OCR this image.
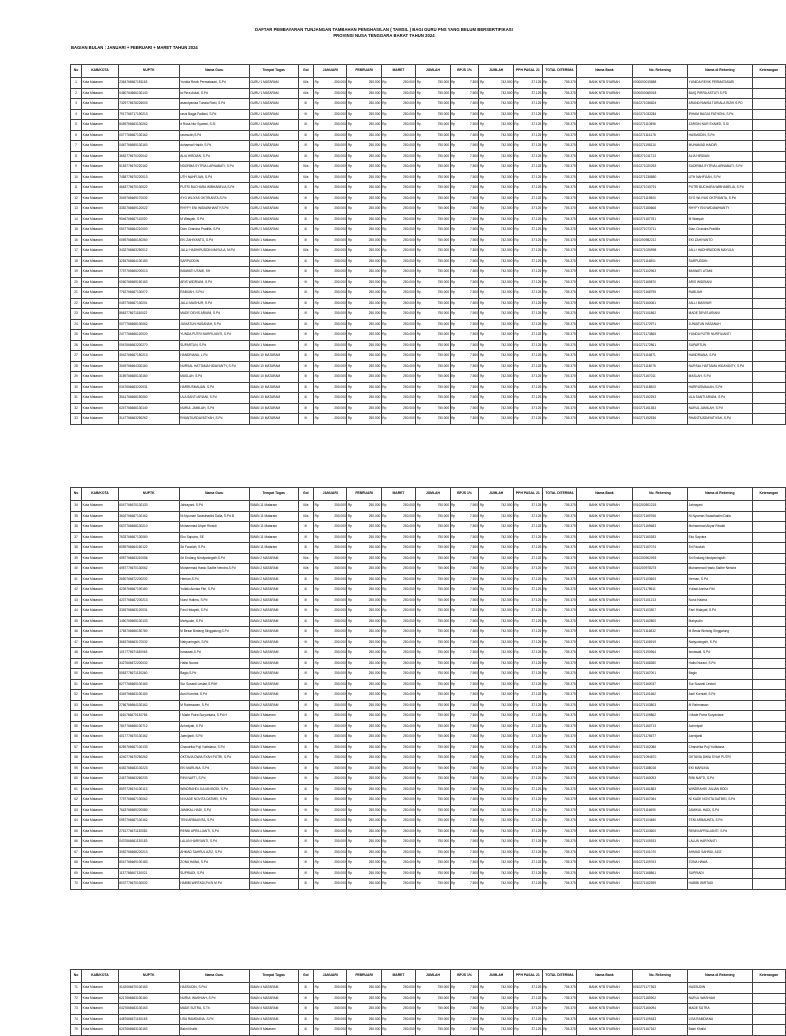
DAFTAR PEMBAYARAN TUNJANGAN TAMBAHAN PENGHASILAN ( TAMSIL ) BAGI GURU PNS YANG BELUM BERSERTIFIKASI
PROVINSI NUSA TENGGARA BARAT TAHUN 2024
BAGIAN BULAN : JANUARI + FEBRUARI + MARET TAHUN 2024
No	KAB/KOTA	NUPTK	Nama Guru	Tempat Tugas	Gol	JANUARI		FEBRUARI		MARET		JUMLAH		BPJS 1%		JUMLAH		PPH PASAL 21		TOTAL DITERIMA		Nama Bank	No. Rekening	Nama di Rekening	Keterangan
1	Kota Mataram	2364766667181163	Yunida Revik Permatasari, S.Pd	GURU 1 MATARAM	III/a	Rp	250.000	Rp	250.000	Rp	250.000	Rp	750.000	Rp	7.500	Rp	742.500	Rp	37.125	Rp	705.375	BANK NTB SYARIAH	0000000019888	YUNIDA REVIK PERMATASARI	
2	Kota Mataram	0460764666130143	la Pirra Astuti, S.Pd	GURU 1 MATARAM	III/a	Rp	250.000	Rp	250.000	Rp	250.000	Rp	750.000	Rp	7.500	Rp	742.500	Rp	37.125	Rp	705.375	BANK NTB SYARIAH	0000000069018	BAIQ PIRRA ASTUTI S.PD	
3	Kota Mataram	7329776678226003	asandyanisa Turiala Rizki, S.Pd	GURU 1 MATARAM	III	Rp	250.000	Rp	250.000	Rp	250.000	Rp	750.000	Rp	7.500	Rp	742.500	Rp	37.125	Rp	705.375	BANK NTB SYARIAH	0010271036824	ARANDYANISA TURIALA RIZKI S.PD	
4	Kota Mataram	7917766717190213	rasni Bagja Fadlani, S.Pd	GURU 1 MATARAM	III	Rp	250.000	Rp	250.000	Rp	250.000	Rp	750.000	Rp	7.500	Rp	742.500	Rp	37.125	Rp	705.375	BANK NTB SYARIAH	0010271033284	IRHAM BAGJA FATHONI, S.Pd	
5	Kota Mataram	8459766663130262	d Rosa Nur Syamsi, S.Si	GURU 1 MATARAM	III	Rp	250.000	Rp	250.000	Rp	250.000	Rp	750.000	Rp	7.500	Rp	742.500	Rp	37.125	Rp	705.375	BANK NTB SYARIAH	0010271110896	ZARGIN NUR SYAMSI, S.Si	
6	Kota Mataram	0077766667130162	rasmudin,S.Pd	GURU 1 MATARAM	III	Rp	250.000	Rp	250.000	Rp	250.000	Rp	750.000	Rp	7.500	Rp	742.500	Rp	37.125	Rp	705.375	BANK NTB SYARIAH	0010271116178	HASMUDIN, S.Pd	
7	Kota Mataram	0467766669130163	duhamad Haidir, S.Pd	GURU 1 MATARAM	III	Rp	250.000	Rp	250.000	Rp	250.000	Rp	750.000	Rp	7.500	Rp	742.500	Rp	37.125	Rp	705.375	BANK NTB SYARIAH	0010271198110	MUHAMAD HAIDIR	
8	Kota Mataram	3652776670220042	ALIA HIRDIAN, S.Pd	GURU 1 MATARAM	III	Rp	250.000	Rp	250.000	Rp	250.000	Rp	750.000	Rp	7.500	Rp	742.500	Rp	37.125	Rp	705.375	BANK NTB SYARIAH	0050271011713	ALIA HIRDIAN	
9	Kota Mataram	5153776670220162	NDORMA SYTRIA LARNABATI, S.Pd	GURU 1 MATARAM	III/a	Rp	250.000	Rp	250.000	Rp	250.000	Rp	750.000	Rp	7.500	Rp	742.500	Rp	37.125	Rp	705.375	BANK NTB SYARIAH	0010271020253	SUDIRMA SYTRIA LARNABATI, S.Pd	
10	Kota Mataram	7458776670220013	UTH NAHFIJAN, S.Pd	GURU 1 MATARAM	III/a	Rp	250.000	Rp	250.000	Rp	250.000	Rp	750.000	Rp	7.500	Rp	742.500	Rp	37.125	Rp	705.375	BANK NTB SYARIAH	0010271238880	UTH NAHFIJAN, S.Pd	
11	Kota Mataram	4663776670130022	PUTRI BUCHARA WIBHABELIA,S.Pd	GURU 1 MATARAM	III	Rp	250.000	Rp	250.000	Rp	250.000	Rp	750.000	Rp	7.500	Rp	742.500	Rp	37.125	Rp	705.375	BANK NTB SYARIAH	0010271015791	PUTRI BUCHARA WIBHABELIA, S.Pd	
12	Kota Mataram	3049766669170032	SYG WLIYAS OKTRIANTA,S.Pd	GURU 2 MATARAM	III	Rp	250.000	Rp	250.000	Rp	250.000	Rp	750.000	Rp	7.500	Rp	742.500	Rp	37.125	Rp	705.375	BANK NTB SYARIAH	0010271119800	SYG WLIYAS OKTRIANTA, S.Pd	
13	Kota Mataram	3352766669120022	RHYFY ENI WIDIAWHANTY,S.Pd	GURU 2 MATARAM	III	Rp	250.000	Rp	250.000	Rp	250.000	Rp	750.000	Rp	7.500	Rp	742.500	Rp	37.125	Rp	705.375	BANK NTB SYARIAH	0010271180668	RHYFY ENI WIDIAWHANTY	
14	Kota Mataram	9046766667110020	M Wasyah, S.Pd	GURU 2 MATARAM	III	Rp	250.000	Rp	250.000	Rp	250.000	Rp	750.000	Rp	7.500	Rp	742.500	Rp	37.125	Rp	705.375	BANK NTB SYARIAH	0010271187781	M Wasyah	
15	Kota Mataram	0547766664210000	Dian Chandra Pradilla, S.Pd	GURU 2 MATARAM	III	Rp	250.000	Rp	250.000	Rp	250.000	Rp	750.000	Rp	7.500	Rp	742.500	Rp	37.125	Rp	705.375	BANK NTB SYARIAH	0010271073711	Dian Chandra Pradilla	
16	Kota Mataram	0059766666150260	EKI ZAHIYANTO, S.Pd	SMAN 1 Mataram	III	Rp	250.000	Rp	250.000	Rp	250.000	Rp	750.000	Rp	7.500	Rp	742.500	Rp	37.125	Rp	705.375	BANK NTB SYARIAH	0010200982212	EKI ZAHIYANTO	
17	Kota Mataram	3432766663250012	JALLI HADHIRUDDIN MAYULA, M.Pd	SMAN 1 Mataram	III/a	Rp	250.000	Rp	250.000	Rp	250.000	Rp	750.000	Rp	7.500	Rp	742.500	Rp	37.125	Rp	705.375	BANK NTB SYARIAH	0010271026998	JALLI HADHIRUDDIN MAYULA	
18	Kota Mataram	3254766664130183	SARPUDDIN	SMAN 1 Mataram	III	Rp	250.000	Rp	250.000	Rp	250.000	Rp	750.000	Rp	7.500	Rp	742.500	Rp	37.125	Rp	705.375	BANK NTB SYARIAH	0010271116801	SARPUDDIN	
19	Kota Mataram	7757765665200013	IMAWATI UTAMI, SH	SMAN 1 Mataram	III	Rp	250.000	Rp	250.000	Rp	250.000	Rp	750.000	Rp	7.500	Rp	742.500	Rp	37.125	Rp	705.375	BANK NTB SYARIAH	0010271102963	IMAWATI UTAMI	
20	Kota Mataram	0060766669150163	ARIS WIDRIANI, S.Pd	SMAN 1 Mataram	III	Rp	250.000	Rp	250.000	Rp	250.000	Rp	750.000	Rp	7.500	Rp	742.500	Rp	37.125	Rp	705.375	BANK NTB SYARIAH	0010271169870	ARIS WIDRIANI	
21	Kota Mataram	7762766667130072	RABIJAH, S.Pd.I	SMAN 1 Mataram	III	Rp	250.000	Rp	250.000	Rp	250.000	Rp	750.000	Rp	7.500	Rp	742.500	Rp	37.125	Rp	705.375	BANK NTB SYARIAH	0010271168795	RABIJAH	
22	Kota Mataram	0457766667130201	JALLI MASHUR, S.Pd	SMAN 1 Mataram	III	Rp	250.000	Rp	250.000	Rp	250.000	Rp	750.000	Rp	7.500	Rp	742.500	Rp	37.125	Rp	705.375	BANK NTB SYARIAH	0010271160081	JALLI MASHUR	
23	Kota Mataram	8663776671150022	MADE DEVIS ARIANI, S.Pd	SMAN 1 Mataram	III	Rp	250.000	Rp	250.000	Rp	250.000	Rp	750.000	Rp	7.500	Rp	742.500	Rp	37.125	Rp	705.375	BANK NTB SYARIAH	0010271101862	MADE DEVIS ARIANI	
24	Kota Mataram	0077766668130062	JUNIATUN HASANAH, S.Pd	SMAN 1 Mataram	III	Rp	250.000	Rp	250.000	Rp	250.000	Rp	750.000	Rp	7.500	Rp	742.500	Rp	37.125	Rp	705.375	BANK NTB SYARIAH	0010271172971	JUNIATUN HASANAH	
25	Kota Mataram	2477766666120020	YUNDA PUTRI NURFILIANTI, S.Pd	SMAN 1 Mataram	III	Rp	250.000	Rp	250.000	Rp	250.000	Rp	750.000	Rp	7.500	Rp	742.500	Rp	37.125	Rp	705.375	BANK NTB SYARIAH	0010271173865	YUNDA PUTRI NURFILIANTI	
26	Kota Mataram	0947666663200270	SUPARTUN, S.Pd	SMAN 1 Mataram	III	Rp	250.000	Rp	250.000	Rp	250.000	Rp	750.000	Rp	7.500	Rp	742.500	Rp	37.125	Rp	705.375	BANK NTB SYARIAH	0010271172861	SUPARTUN	
27	Kota Mataram	3042766667150213	HANDRIANA, L.Pd	SMAN 10 MATARAM	III	Rp	250.000	Rp	250.000	Rp	250.000	Rp	750.000	Rp	7.500	Rp	742.500	Rp	37.125	Rp	705.375	BANK NTB SYARIAH	0010271116871	HANDRIANA, S.Pd	
28	Kota Mataram	3049766664330160	NURSAL HATTAMA HIDAYANTY, S.Pd	SMAN 10 MATARAM	III	Rp	250.000	Rp	250.000	Rp	250.000	Rp	750.000	Rp	7.500	Rp	742.500	Rp	37.125	Rp	705.375	BANK NTB SYARIAH	0010271118075	NURSAL HATTAMA HIDAYANTY, S.Pd	
29	Kota Mataram	3159766665130160	MASLAH, S.Pd	SMAN 10 MATARAM	III	Rp	250.000	Rp	250.000	Rp	250.000	Rp	750.000	Rp	7.500	Rp	742.500	Rp	37.125	Rp	705.375	BANK NTB SYARIAH	0010271167011	MASLAH, S.Pd	
30	Kota Mataram	0347666663220031	HARRUSMAUAN, S.Pd	SMAN 10 MATARAM	III	Rp	250.000	Rp	250.000	Rp	250.000	Rp	750.000	Rp	7.500	Rp	742.500	Rp	37.125	Rp	705.375	BANK NTB SYARIAH	0010271118803	HARRUSMAUAN, S.Pd	
31	Kota Mataram	3541766668150060	ULA SANTI ARIANI, S.Pd	SMAN 10 MATARAM	III	Rp	250.000	Rp	250.000	Rp	250.000	Rp	750.000	Rp	7.500	Rp	742.500	Rp	37.125	Rp	705.375	BANK NTB SYARIAH	0010271152293	ULA SANTI ARIANI, S.Pd	
32	Kota Mataram	0247766666130140	NURUL JAMILAH, S.Pd	SMAN 10 MATARAM	III	Rp	250.000	Rp	250.000	Rp	250.000	Rp	750.000	Rp	7.500	Rp	742.500	Rp	37.125	Rp	705.375	BANK NTB SYARIAH	0010271161353	NURUL JAMILAH, S.Pd	
33	Kota Mataram	3147766663250262	RHANTIUSDAYATIYAH, S.Pd	SMAN 10 MATARAM	III	Rp	250.000	Rp	250.000	Rp	250.000	Rp	750.000	Rp	7.500	Rp	742.500	Rp	37.125	Rp	705.375	BANK NTB SYARIAH	0010271152536	RHANTIUSDAYATIYAH, S.Pd	
No	KAB/KOTA	NUPTK	Nama Guru	Tempat Tugas	Gol	JANUARI		FEBRUARI		MARET		JUMLAH		BPJS 1%		JUMLAH		PPH PASAL 21		TOTAL DITERIMA		Nama Bank	No. Rekening	Nama di Rekening	Keterangan
34	Kota Mataram	6047766670130133	Jahrayani, S.Pd	SMAN 11 Mataram	III/a	Rp	250.000	Rp	250.000	Rp	250.000	Rp	750.000	Rp	7.500	Rp	742.500	Rp	37.125	Rp	705.375	BANK NTB SYARIAH	0010200501215	Jahrayani	
35	Kota Mataram	3602766667130162	Ni Nyoman Swasthadini Dalia, S.Pd.B	SMAN 11 Mataram	III/a	Rp	250.000	Rp	250.000	Rp	250.000	Rp	750.000	Rp	7.500	Rp	742.500	Rp	37.125	Rp	705.375	BANK NTB SYARIAH	0010271169766	Ni Nyoman Swasthadini Dalia	
36	Kota Mataram	0637766668130210	Muhammad Ahyar Rivaldi	SMAN 11 Mataram	III	Rp	250.000	Rp	250.000	Rp	250.000	Rp	750.000	Rp	7.500	Rp	742.500	Rp	37.125	Rp	705.375	BANK NTB SYARIAH	0010271169683	Muhammad Ahyar Rivaldi	
37	Kota Mataram	7633766667130060	Eko Saputra, SE	SMAN 11 Mataram	III	Rp	250.000	Rp	250.000	Rp	250.000	Rp	750.000	Rp	7.500	Rp	742.500	Rp	37.125	Rp	705.375	BANK NTB SYARIAH	0010271160283	Eko Saputra	
38	Kota Mataram	6059766664150122	Sri Fauziah, S.Pd	SMAN 11 Mataram	III	Rp	250.000	Rp	250.000	Rp	250.000	Rp	750.000	Rp	7.500	Rp	742.500	Rp	37.125	Rp	705.375	BANK NTB SYARIAH	0010271167074	Sri Fauziah	
39	Kota Mataram	4957766663210056	Sri Endang Nindyaningsih,S.Pd	SMAN 2 MATARAM	III/a	Rp	250.000	Rp	250.000	Rp	250.000	Rp	750.000	Rp	7.500	Rp	742.500	Rp	37.125	Rp	705.375	BANK NTB SYARIAH	0010200902093	Sri Endang Nindyaningsih	
40	Kota Mataram	4957776670130062	Muhammad Hasto Sadhe Nendra,S.Pd	SMAN 2 MATARAM	III/a	Rp	250.000	Rp	250.000	Rp	250.000	Rp	750.000	Rp	7.500	Rp	742.500	Rp	37.125	Rp	705.375	BANK NTB SYARIAH	0010200978275	Muhammad Hasto Sadhe Nendra	
41	Kota Mataram	2650766672200232	Hernan,S.Pd	SMAN 2 MATARAM	III	Rp	250.000	Rp	250.000	Rp	250.000	Rp	750.000	Rp	7.500	Rp	742.500	Rp	37.125	Rp	705.375	BANK NTB SYARIAH	0010271103603	Hernan, S.Pd	
42	Kota Mataram	4239766667190180	Yuliaki Annisa Fitri, S.Pd	SMAN 2 MATARAM	III	Rp	250.000	Rp	250.000	Rp	250.000	Rp	750.000	Rp	7.500	Rp	742.500	Rp	37.125	Rp	705.375	BANK NTB SYARIAH	0010271178611	Yuliaki Annisa Fitri	
43	Kota Mataram	4237766667200213	Nurul Halima, S.Pd	SMAN 2 MATARAM	III	Rp	250.000	Rp	250.000	Rp	250.000	Rp	750.000	Rp	7.500	Rp	742.500	Rp	37.125	Rp	705.375	BANK NTB SYARIAH	0010271101213	Nurul Halima	
44	Kota Mataram	3349766663120031	Fani Hidayati, S.Pd	SMAN 2 MATARAM	III	Rp	250.000	Rp	250.000	Rp	250.000	Rp	750.000	Rp	7.500	Rp	742.500	Rp	37.125	Rp	705.375	BANK NTB SYARIAH	0010271103307	Fani Hidayati, S.Pd	
45	Kota Mataram	1450765665130133	Mahyudin, S.Pd	SMAN 2 MATARAM	III	Rp	250.000	Rp	250.000	Rp	250.000	Rp	750.000	Rp	7.500	Rp	742.500	Rp	37.125	Rp	705.375	BANK NTB SYARIAH	0010271162800	Mahyudin	
46	Kota Mataram	1765766666150780	M Besar Bintang Singgalung,S.Pd	SMAN 2 MATARAM	III	Rp	250.000	Rp	250.000	Rp	250.000	Rp	750.000	Rp	7.500	Rp	742.500	Rp	37.125	Rp	705.375	BANK NTB SYARIAH	0010271116832	M Besar Bintang Singgalung	
47	Kota Mataram	3663766663170032	Nahyuningsih, S.Pd	SMAN 2 MATARAM	III	Rp	250.000	Rp	250.000	Rp	250.000	Rp	750.000	Rp	7.500	Rp	742.500	Rp	37.125	Rp	705.375	BANK NTB SYARIAH	0010271106919	Nahyuningsih, S.Pd	
48	Kota Mataram	1017776671180063	Ismawati,S.Pd	SMAN 2 MATARAM	III	Rp	250.000	Rp	250.000	Rp	250.000	Rp	750.000	Rp	7.500	Rp	742.500	Rp	37.125	Rp	705.375	BANK NTB SYARIAH	0010271190964	Ismawati, S.Pd	
49	Kota Mataram	3427666672200032	Halisi Nurani	SMAN 2 MATARAM	III	Rp	250.000	Rp	250.000	Rp	250.000	Rp	750.000	Rp	7.500	Rp	742.500	Rp	37.125	Rp	705.375	BANK NTB SYARIAH	0010271168280	Halisi Nurani, S.Pd	
50	Kota Mataram	5063776671130260	Bagio,S.Pd	SMAN 2 MATARAM	III	Rp	250.000	Rp	250.000	Rp	250.000	Rp	750.000	Rp	7.500	Rp	742.500	Rp	37.125	Rp	705.375	BANK NTB SYARIAH	0010271167001	Bagio	
51	Kota Mataram	6277766665130163	Sur Susanti Lestari,S.PdH	SMAN 2 MATARAM	III	Rp	250.000	Rp	250.000	Rp	250.000	Rp	750.000	Rp	7.500	Rp	742.500	Rp	37.125	Rp	705.375	BANK NTB SYARIAH	0010271160037	Sur Susanti Lestari	
52	Kota Mataram	4349766663130153	Asril Kurniati, S.Pd	SMAN 2 MATARAM	III	Rp	250.000	Rp	250.000	Rp	250.000	Rp	750.000	Rp	7.500	Rp	742.500	Rp	37.125	Rp	705.375	BANK NTB SYARIAH	0010271101662	Asril Kurniati, S.Pd	
53	Kota Mataram	2766766664130162	M Rahmawan, S.Pd	SMAN 2 MATARAM	III	Rp	250.000	Rp	250.000	Rp	250.000	Rp	750.000	Rp	7.500	Rp	742.500	Rp	37.125	Rp	705.375	BANK NTB SYARIAH	0010271103803	M Rahmawan	
54	Kota Mataram	1160766670130766	I Made Putra Suryantara, S.Pd.H	SMAN 3 Mataram	III	Rp	250.000	Rp	250.000	Rp	250.000	Rp	750.000	Rp	7.500	Rp	742.500	Rp	37.125	Rp	705.375	BANK NTB SYARIAH	0010271109862	I Made Putra Suryantara	
55	Kota Mataram	7847766666130712	Achmiyati, S.Pd	SMAN 3 Mataram	III	Rp	250.000	Rp	250.000	Rp	250.000	Rp	750.000	Rp	7.500	Rp	742.500	Rp	37.125	Rp	705.375	BANK NTB SYARIAH	0010271160713	Achmiyati	
56	Kota Mataram	4017776670130162	Jaenijanti, S.Pd	SMAN 3 Mataram	III	Rp	250.000	Rp	250.000	Rp	250.000	Rp	750.000	Rp	7.500	Rp	742.500	Rp	37.125	Rp	705.375	BANK NTB SYARIAH	0010271176677	Jaenijanti	
57	Kota Mataram	6269766667130133	Chandrika Puji Yudistana, S.Pd	SMAN 3 Mataram	III	Rp	250.000	Rp	250.000	Rp	250.000	Rp	750.000	Rp	7.500	Rp	742.500	Rp	37.125	Rp	705.375	BANK NTB SYARIAH	0010271162086	Chandrika Puji Yudistana	
58	Kota Mataram	4240776670250262	OKTAVIA DWIA SYAH PUTRI, S.Pd	SMAN 3 Mataram	III	Rp	250.000	Rp	250.000	Rp	250.000	Rp	750.000	Rp	7.500	Rp	742.500	Rp	37.125	Rp	705.375	BANK NTB SYARIAH	0010271094670	OKTAVIA DWIA SYAH PUTRI	
59	Kota Mataram	6452766663130223	EKI MARLINA, S.Pd	SMAN 4 Mataram	III	Rp	250.000	Rp	250.000	Rp	250.000	Rp	750.000	Rp	7.500	Rp	742.500	Rp	37.125	Rp	705.375	BANK NTB SYARIAH	0010271188018	EKI MARLINA	
60	Kota Mataram	2467766663260233	RINI NAFTI, S.Pd	SMAN 4 Mataram	III	Rp	250.000	Rp	250.000	Rp	250.000	Rp	750.000	Rp	7.500	Rp	742.500	Rp	37.125	Rp	705.375	BANK NTB SYARIAH	0010271160093	RINI NAFTI, S.Pd	
61	Kota Mataram	8597726674130113	WINDRAHDI JULIAN BODI, S.Pd	SMAN 4 Mataram	III	Rp	250.000	Rp	250.000	Rp	250.000	Rp	750.000	Rp	7.500	Rp	742.500	Rp	37.125	Rp	705.375	BANK NTB SYARIAH	0010271161883	WINDRAHDI JULIAN BODI	
62	Kota Mataram	7757766667130062	NI KADE NOVITA DATMEI, S.Pd	SMAN 4 Mataram	III	Rp	250.000	Rp	250.000	Rp	250.000	Rp	750.000	Rp	7.500	Rp	742.500	Rp	37.125	Rp	705.375	BANK NTB SYARIAH	0010271167084	NI KADE NOVITA DATMEI, S.Pd	
63	Kota Mataram	7643766669220080	JAMIKAL HADI, S.Pd	SMAN 4 Mataram	III	Rp	250.000	Rp	250.000	Rp	250.000	Rp	750.000	Rp	7.500	Rp	742.500	Rp	37.125	Rp	705.375	BANK NTB SYARIAH	0010271116690	JAMIKAL HADI, S.Pd	
64	Kota Mataram	0957766667130162	TENI ARBAUNTA, S.Pd	SMAN 4 Mataram	III	Rp	250.000	Rp	250.000	Rp	250.000	Rp	750.000	Rp	7.500	Rp	742.500	Rp	37.125	Rp	705.375	BANK NTB SYARIAH	0010271104480	TENI ARBAUNTA, S.Pd	
65	Kota Mataram	2761776671130082	RENNI APRILLIANTI, S.Pd	SMAN 4 Mataram	III	Rp	250.000	Rp	250.000	Rp	250.000	Rp	750.000	Rp	7.500	Rp	742.500	Rp	37.125	Rp	705.375	BANK NTB SYARIAH	0010271103600	RENNI APRILLIANTI, S.Pd	
66	Kota Mataram	0437666661130183	LALUN HARIYANTI, S.Pd	SMAN 4 Mataram	III	Rp	250.000	Rp	250.000	Rp	250.000	Rp	750.000	Rp	7.500	Rp	742.500	Rp	37.125	Rp	705.375	BANK NTB SYARIAH	0010271109153	LALUN HARIYANTI	
67	Kota Mataram	3052766668220213	AHMAD SAHRUL AZIZ, S.Pd	SMAN 4 Mataram	III	Rp	250.000	Rp	250.000	Rp	250.000	Rp	750.000	Rp	7.500	Rp	742.500	Rp	37.125	Rp	705.375	BANK NTB SYARIAH	0010271101070	AHMAD SAHRUL AZIZ	
68	Kota Mataram	8047766669130183	ZONA HAWA, S.Pd	SMAN 4 Mataram	III	Rp	250.000	Rp	250.000	Rp	250.000	Rp	750.000	Rp	7.500	Rp	742.500	Rp	37.125	Rp	705.375	BANK NTB SYARIAH	0010271109763	ZONA HAWA	
69	Kota Mataram	1137766667130021	SUPRIADI, S.Pd	SMAN 4 Mataram	III	Rp	250.000	Rp	250.000	Rp	250.000	Rp	750.000	Rp	7.500	Rp	742.500	Rp	37.125	Rp	705.375	BANK NTB SYARIAH	0010271168861	SUPRIADI	
70	Kota Mataram	8037776670130032	HABIBI WIRTADI,Pd.Si M.Pd	SMAN 4 Mataram	III	Rp	250.000	Rp	250.000	Rp	250.000	Rp	750.000	Rp	7.500	Rp	742.500	Rp	37.125	Rp	705.375	BANK NTB SYARIAH	0010271162399	HABIBI WIRTADI	
No	KAB/KOTA	NUPTK	Nama Guru	Tempat Tugas	Gol	JANUARI		FEBRUARI		MARET		JUMLAH		BPJS 1%		JUMLAH		PPH PASAL 21		TOTAL DITERIMA		Nama Bank	No. Rekening	Nama di Rekening	Keterangan
71	Kota Mataram	3142066670130163	HASSUDIN, S.Pd.I	SMAN 4 MATARAM	III	Rp	250.000	Rp	250.000	Rp	250.000	Rp	750.000	Rp	7.500	Rp	742.500	Rp	37.125	Rp	705.375	BANK NTB SYARIAH	0010271177363	HASSUDIN	
72	Kota Mataram	6217666663130160	NURUL WASHIAH, S.Pd	SMAN 4 MATARAM	III	Rp	250.000	Rp	250.000	Rp	250.000	Rp	750.000	Rp	7.500	Rp	742.500	Rp	37.125	Rp	705.375	BANK NTB SYARIAH	0010271180902	NURUL WASHIAH	
73	Kota Mataram	0427666663130163	MADE SUTRA, S.Th	SMAN 4 MATARAM	III	Rp	250.000	Rp	250.000	Rp	250.000	Rp	750.000	Rp	7.500	Rp	742.500	Rp	37.125	Rp	705.375	BANK NTB SYARIAH	0010271160094	MADE SUTRA	
74	Kota Mataram	4487666671130163	LISA RAMDIANA, S.Pd	SMAN 4 MATARAM	III	Rp	250.000	Rp	250.000	Rp	250.000	Rp	750.000	Rp	7.500	Rp	742.500	Rp	37.125	Rp	705.375	BANK NTB SYARIAH	0010271109183	LISA RAMDIANA	
75	Kota Mataram	6247666663130163	Bakri Khalid	SMAN 5 Mataram	III	Rp	250.000	Rp	250.000	Rp	250.000	Rp	750.000	Rp	7.500	Rp	742.500	Rp	37.125	Rp	705.375	BANK NTB SYARIAH	0010271167162	Bakri Khalid	
